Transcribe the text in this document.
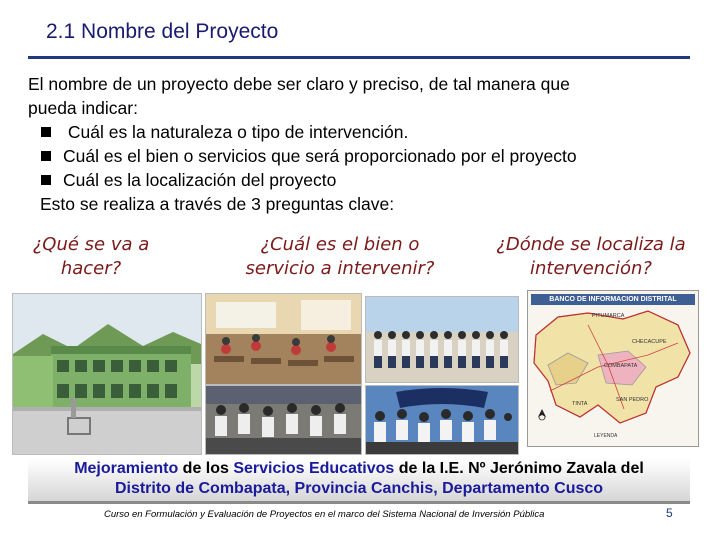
2.1 Nombre del Proyecto
El nombre de un proyecto debe ser claro y preciso, de tal manera que
pueda indicar:
Cuál es la naturaleza o tipo de intervención.
Cuál es el bien o servicios que será proporcionado por el proyecto
Cuál es la localización del proyecto
Esto se realiza a través de 3 preguntas clave:
¿Qué se va a
hacer?
¿Cuál es el bien o
servicio a intervenir?
¿Dónde se localiza la
intervención?
BANCO DE INFORMACION DISTRITAL
PITUMARCA
CHECACUPE
COMBAPATA
TINTA
SAN PEDRO
LEYENDA
Mejoramiento de los Servicios Educativos de la I.E. Nº Jerónimo Zavala del
Distrito de Combapata, Provincia Canchis, Departamento Cusco
Curso en Formulación y Evaluación de Proyectos en el marco del Sistema Nacional de Inversión Pública	5
